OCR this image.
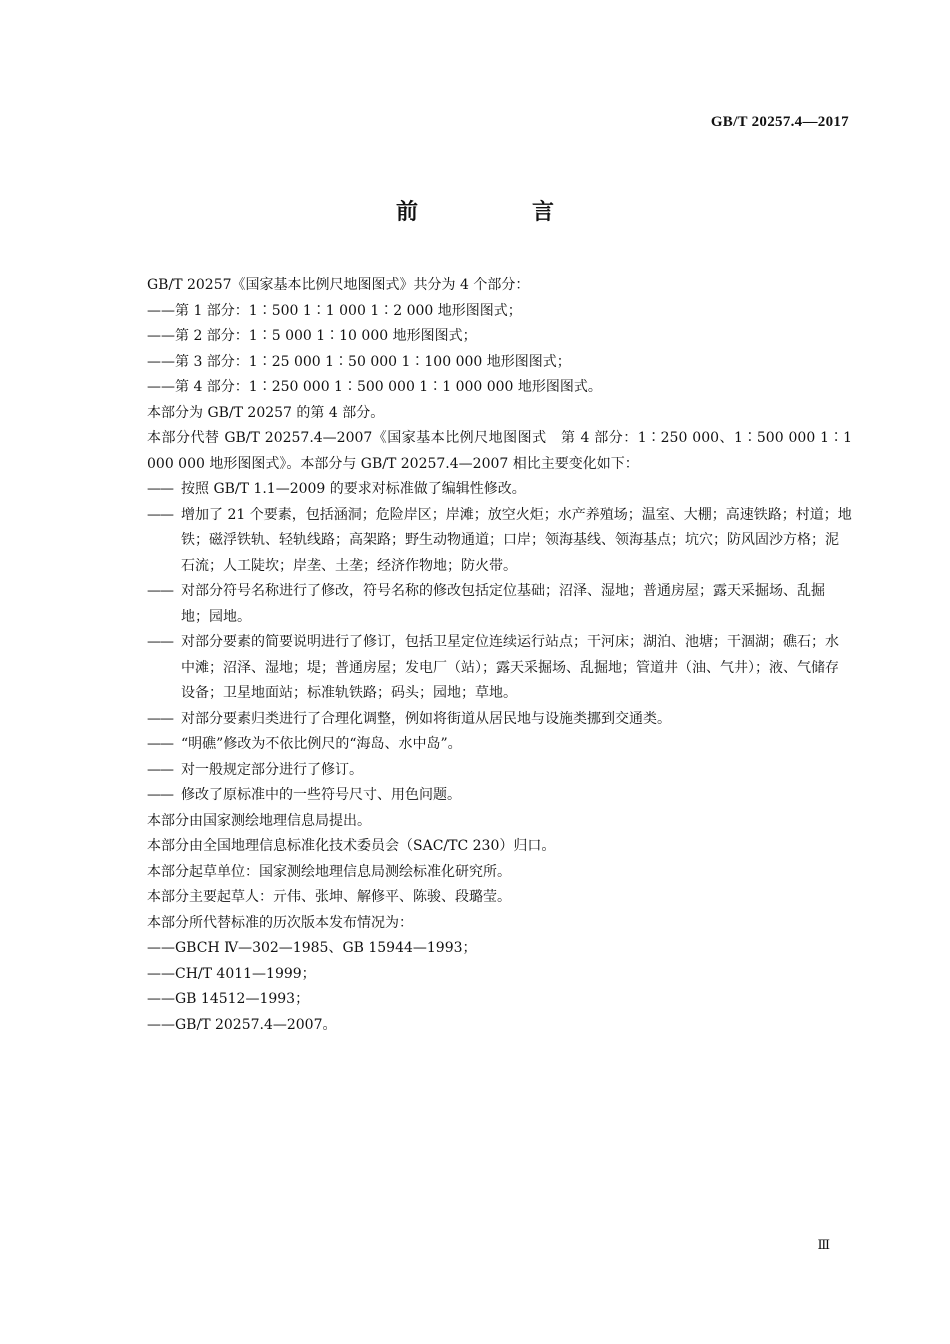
GB/T 20257.4—2017
前　言

GB/T 20257《国家基本比例尺地图图式》共分为 4 个部分：

——第 1 部分：1∶500 1∶1 000 1∶2 000 地形图图式；

——第 2 部分：1∶5 000 1∶10 000 地形图图式；

——第 3 部分：1∶25 000 1∶50 000 1∶100 000 地形图图式；

——第 4 部分：1∶250 000 1∶500 000 1∶1 000 000 地形图图式。

本部分为 GB/T 20257 的第 4 部分。

本部分代替 GB/T 20257.4—2007《国家基本比例尺地图图式　第 4 部分：1∶250 000、1∶500 000 1∶1 000 000 地形图图式》。本部分与 GB/T 20257.4—2007 相比主要变化如下：

—— 按照 GB/T 1.1—2009 的要求对标准做了编辑性修改。
—— 增加了 21 个要素，包括涵洞；危险岸区；岸滩；放空火炬；水产养殖场；温室、大棚；高速铁路；村道；地铁；磁浮铁轨、轻轨线路；高架路；野生动物通道；口岸；领海基线、领海基点；坑穴；防风固沙方格；泥石流；人工陡坎；岸垄、土垄；经济作物地；防火带。
—— 对部分符号名称进行了修改，符号名称的修改包括定位基础；沼泽、湿地；普通房屋；露天采掘场、乱掘地；园地。
—— 对部分要素的简要说明进行了修订，包括卫星定位连续运行站点；干河床；湖泊、池塘；干涸湖；礁石；水中滩；沼泽、湿地；堤；普通房屋；发电厂（站）；露天采掘场、乱掘地；管道井（油、气井）；液、气储存设备；卫星地面站；标准轨铁路；码头；园地；草地。
—— 对部分要素归类进行了合理化调整，例如将街道从居民地与设施类挪到交通类。
—— “明礁”修改为不依比例尺的“海岛、水中岛”。
—— 对一般规定部分进行了修订。
—— 修改了原标准中的一些符号尺寸、用色问题。

本部分由国家测绘地理信息局提出。

本部分由全国地理信息标准化技术委员会（SAC/TC 230）归口。

本部分起草单位：国家测绘地理信息局测绘标准化研究所。

本部分主要起草人：亓伟、张坤、解修平、陈骏、段璐莹。

本部分所代替标准的历次版本发布情况为：

——GBCH Ⅳ—302—1985、GB 15944—1993；

——CH/T 4011—1999；

——GB 14512—1993；

——GB/T 20257.4—2007。

Ⅲ
